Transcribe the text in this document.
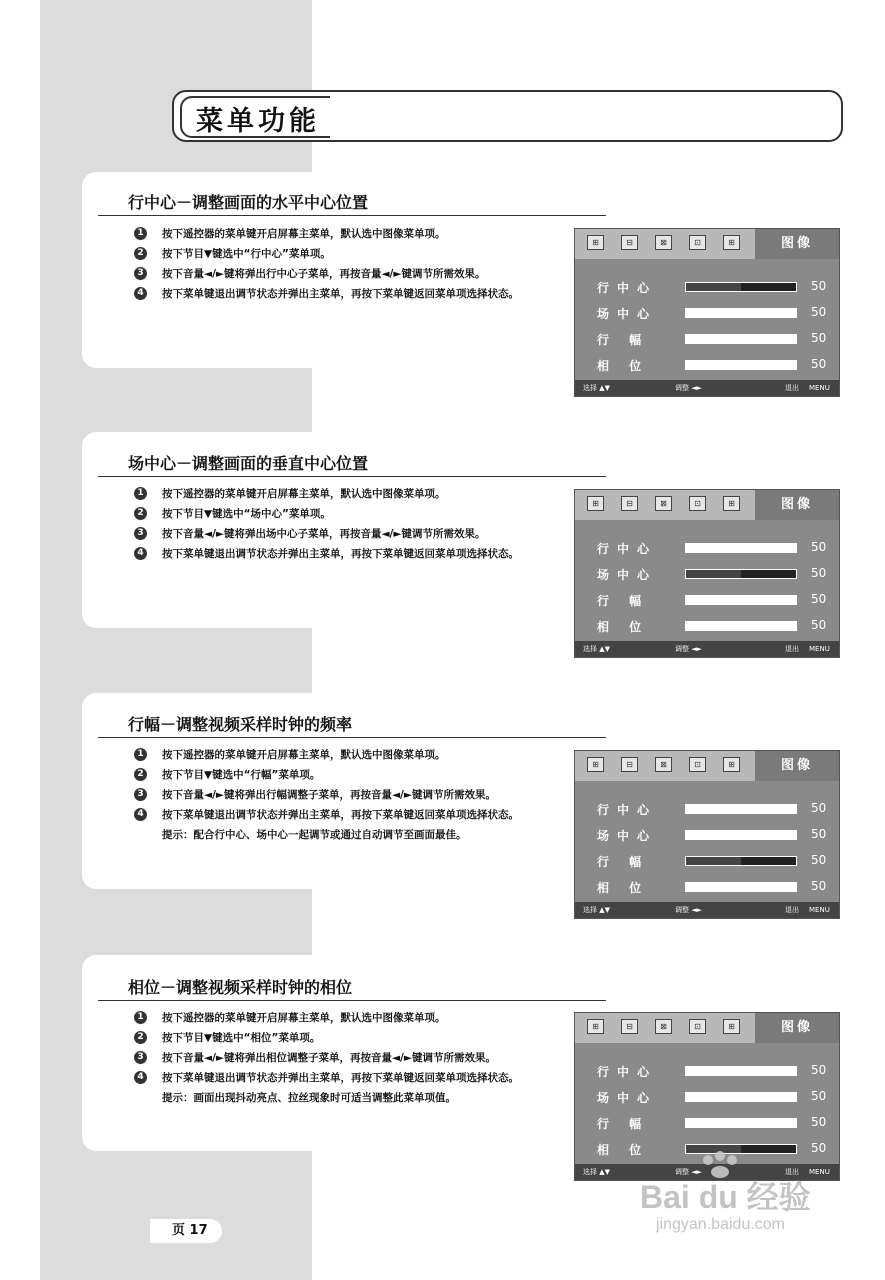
菜单功能
行中心－调整画面的水平中心位置
1	按下遥控器的菜单键开启屏幕主菜单，默认选中图像菜单项。
2	按下节目▼键选中“行中心”菜单项。
3	按下音量◄/►键将弹出行中心子菜单，再按音量◄/►键调节所需效果。
4	按下菜单键退出调节状态并弹出主菜单，再按下菜单键返回菜单项选择状态。
⊞	⊟	⊠	⊡	⊞	图像
行中心	50
场中心	50
行 幅	50
相 位	50
选择 ▲▼	调整 ◄►	退出 MENU
场中心－调整画面的垂直中心位置
1	按下遥控器的菜单键开启屏幕主菜单，默认选中图像菜单项。
2	按下节目▼键选中“场中心”菜单项。
3	按下音量◄/►键将弹出场中心子菜单，再按音量◄/►键调节所需效果。
4	按下菜单键退出调节状态并弹出主菜单，再按下菜单键返回菜单项选择状态。
⊞	⊟	⊠	⊡	⊞	图像
行中心	50
场中心	50
行 幅	50
相 位	50
选择 ▲▼	调整 ◄►	退出 MENU
行幅－调整视频采样时钟的频率
1	按下遥控器的菜单键开启屏幕主菜单，默认选中图像菜单项。
2	按下节目▼键选中“行幅”菜单项。
3	按下音量◄/►键将弹出行幅调整子菜单，再按音量◄/►键调节所需效果。
4	按下菜单键退出调节状态并弹出主菜单，再按下菜单键返回菜单项选择状态。
提示：配合行中心、场中心一起调节或通过自动调节至画面最佳。
⊞	⊟	⊠	⊡	⊞	图像
行中心	50
场中心	50
行 幅	50
相 位	50
选择 ▲▼	调整 ◄►	退出 MENU
相位－调整视频采样时钟的相位
1	按下遥控器的菜单键开启屏幕主菜单，默认选中图像菜单项。
2	按下节目▼键选中“相位”菜单项。
3	按下音量◄/►键将弹出相位调整子菜单，再按音量◄/►键调节所需效果。
4	按下菜单键退出调节状态并弹出主菜单，再按下菜单键返回菜单项选择状态。
提示：画面出现抖动亮点、拉丝现象时可适当调整此菜单项值。
⊞	⊟	⊠	⊡	⊞	图像
行中心	50
场中心	50
行 幅	50
相 位	50
选择 ▲▼	调整 ◄►	退出 MENU
页 17
Bai du 经验
jingyan.baidu.com
